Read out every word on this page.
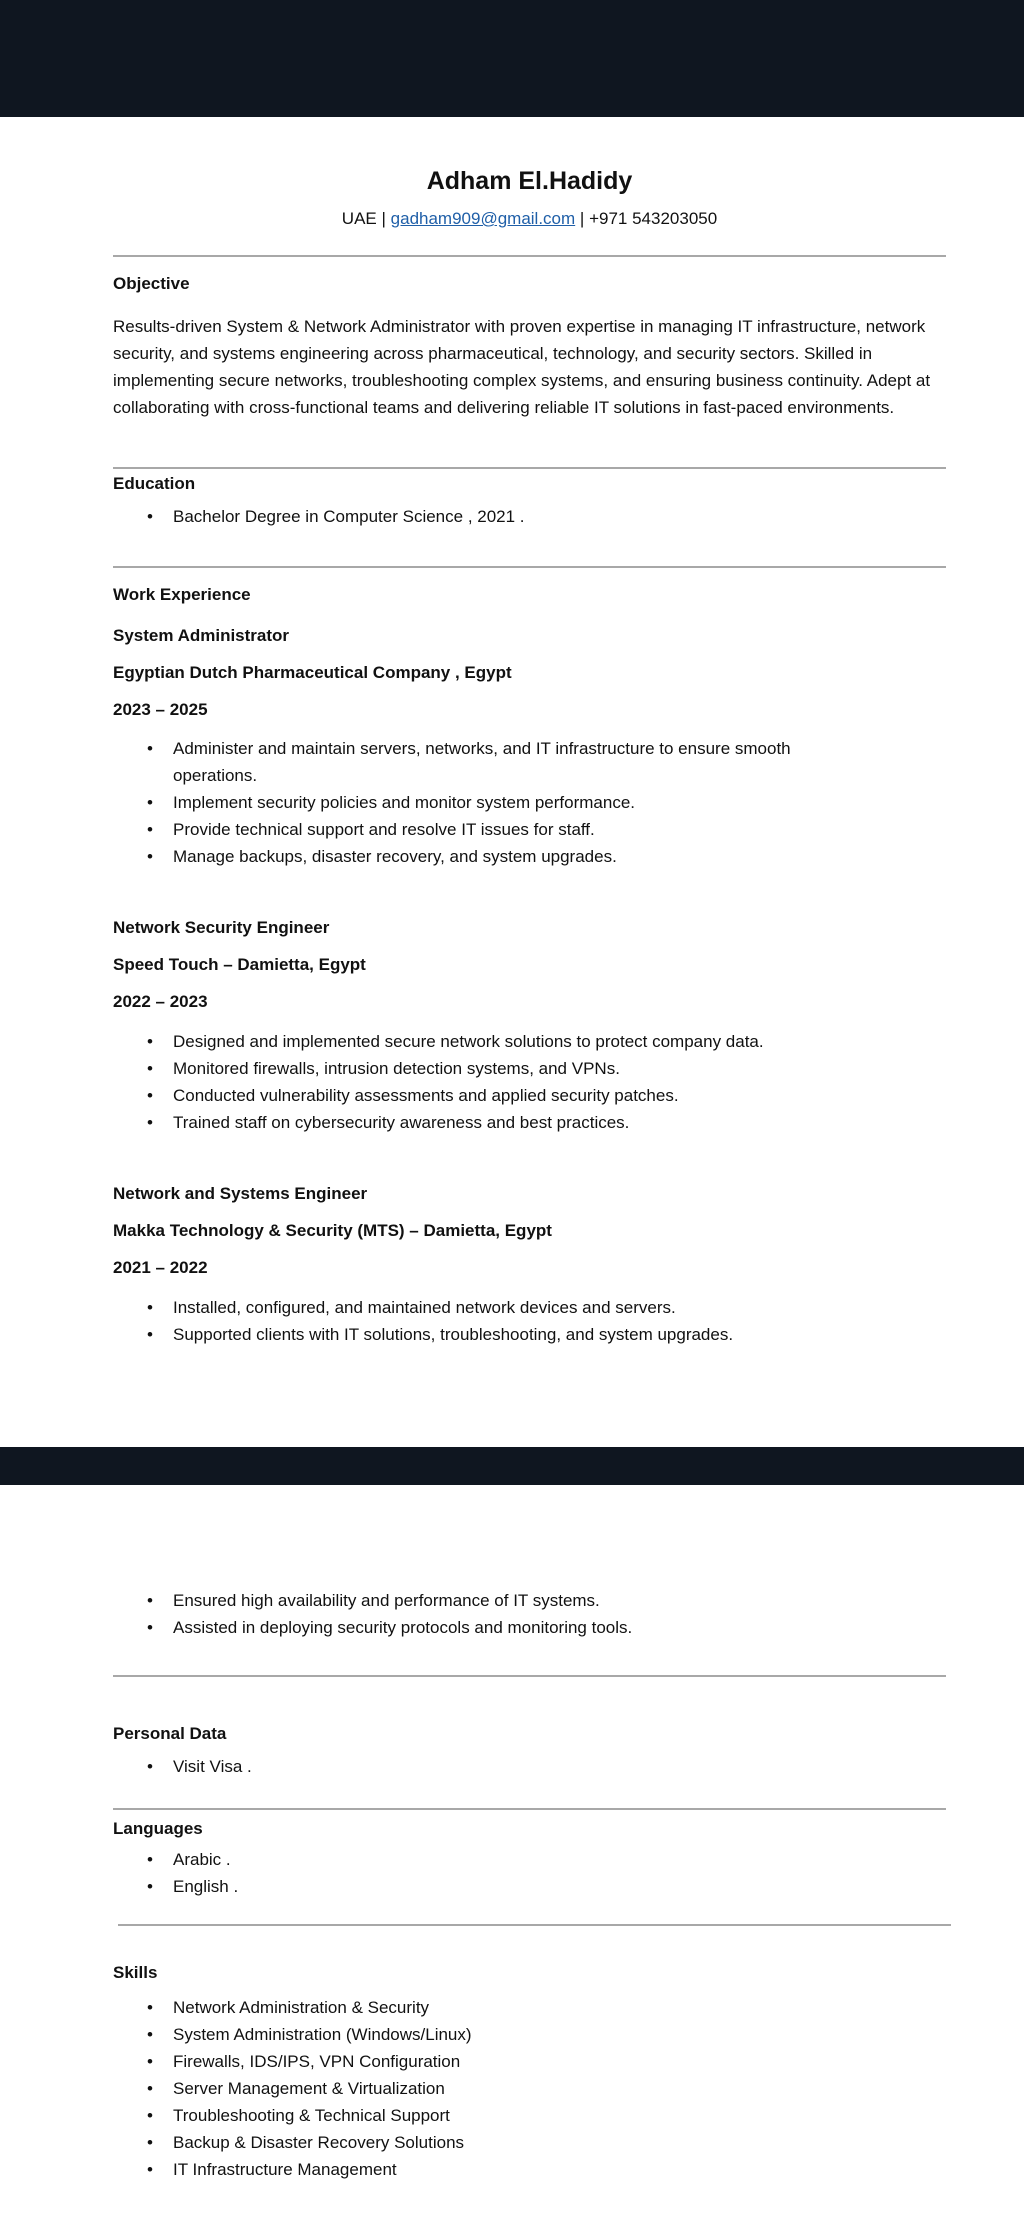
Adham El.Hadidy
UAE | gadham909@gmail.com | +971 543203050
Objective

Results-driven System & Network Administrator with proven expertise in managing IT infrastructure, network security, and systems engineering across pharmaceutical, technology, and security sectors. Skilled in implementing secure networks, troubleshooting complex systems, and ensuring business continuity. Adept at collaborating with cross-functional teams and delivering reliable IT solutions in fast-paced environments.

Education
• Bachelor Degree in Computer Science , 2021 .
Work Experience
System Administrator
Egyptian Dutch Pharmaceutical Company , Egypt
2023 – 2025
• Administer and maintain servers, networks, and IT infrastructure to ensure smooth operations.
• Implement security policies and monitor system performance.
• Provide technical support and resolve IT issues for staff.
• Manage backups, disaster recovery, and system upgrades.
Network Security Engineer
Speed Touch – Damietta, Egypt
2022 – 2023
• Designed and implemented secure network solutions to protect company data.
• Monitored firewalls, intrusion detection systems, and VPNs.
• Conducted vulnerability assessments and applied security patches.
• Trained staff on cybersecurity awareness and best practices.
Network and Systems Engineer
Makka Technology & Security (MTS) – Damietta, Egypt
2021 – 2022
• Installed, configured, and maintained network devices and servers.
• Supported clients with IT solutions, troubleshooting, and system upgrades.
• Ensured high availability and performance of IT systems.
• Assisted in deploying security protocols and monitoring tools.
Personal Data
• Visit Visa .
Languages
• Arabic .
• English .
Skills
• Network Administration & Security
• System Administration (Windows/Linux)
• Firewalls, IDS/IPS, VPN Configuration
• Server Management & Virtualization
• Troubleshooting & Technical Support
• Backup & Disaster Recovery Solutions
• IT Infrastructure Management
